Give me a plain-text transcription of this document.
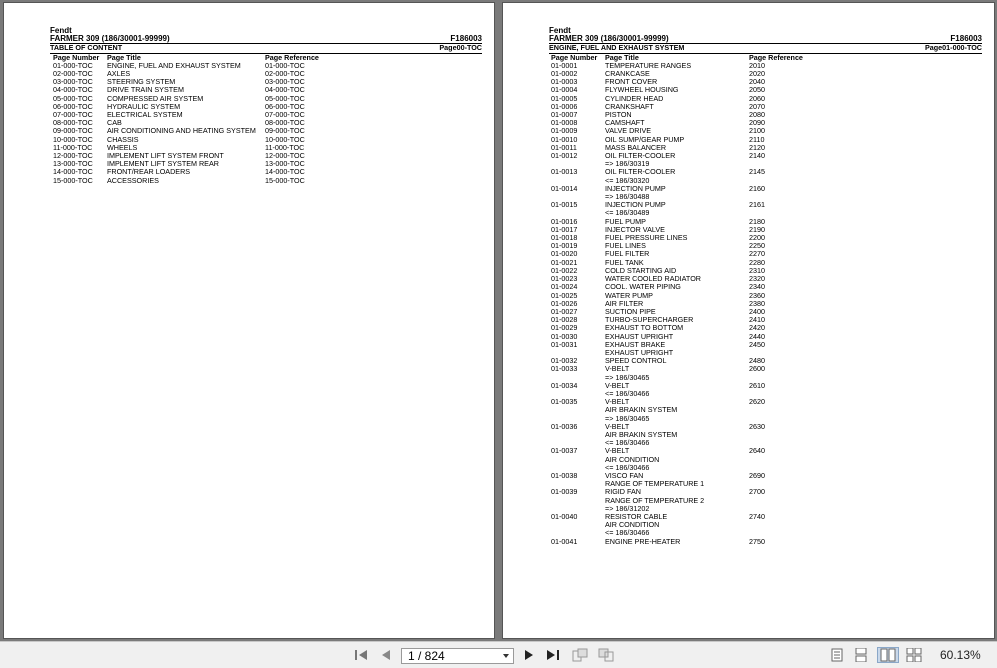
Fendt
FARMER 309 (186/30001-99999)	F186003
TABLE OF CONTENT	Page00-TOC
Page Number	Page Title	Page Reference
01-000-TOC	ENGINE, FUEL AND EXHAUST SYSTEM	01-000-TOC
02-000-TOC	AXLES	02-000-TOC
03-000-TOC	STEERING SYSTEM	03-000-TOC
04-000-TOC	DRIVE TRAIN SYSTEM	04-000-TOC
05-000-TOC	COMPRESSED AIR SYSTEM	05-000-TOC
06-000-TOC	HYDRAULIC SYSTEM	06-000-TOC
07-000-TOC	ELECTRICAL SYSTEM	07-000-TOC
08-000-TOC	CAB	08-000-TOC
09-000-TOC	AIR CONDITIONING AND HEATING SYSTEM	09-000-TOC
10-000-TOC	CHASSIS	10-000-TOC
11-000-TOC	WHEELS	11-000-TOC
12-000-TOC	IMPLEMENT LIFT SYSTEM FRONT	12-000-TOC
13-000-TOC	IMPLEMENT LIFT SYSTEM REAR	13-000-TOC
14-000-TOC	FRONT/REAR LOADERS	14-000-TOC
15-000-TOC	ACCESSORIES	15-000-TOC
Fendt
FARMER 309 (186/30001-99999)	F186003
ENGINE, FUEL AND EXHAUST SYSTEM	Page01-000-TOC
Page Number	Page Title	Page Reference
01-0001	TEMPERATURE RANGES	2010
01-0002	CRANKCASE	2020
01-0003	FRONT COVER	2040
01-0004	FLYWHEEL HOUSING	2050
01-0005	CYLINDER HEAD	2060
01-0006	CRANKSHAFT	2070
01-0007	PISTON	2080
01-0008	CAMSHAFT	2090
01-0009	VALVE DRIVE	2100
01-0010	OIL SUMP/GEAR PUMP	2110
01-0011	MASS BALANCER	2120
01-0012	OIL FILTER-COOLER	2140
	=> 186/30319	
01-0013	OIL FILTER-COOLER	2145
	<= 186/30320	
01-0014	INJECTION PUMP	2160
	=> 186/30488	
01-0015	INJECTION PUMP	2161
	<= 186/30489	
01-0016	FUEL PUMP	2180
01-0017	INJECTOR VALVE	2190
01-0018	FUEL PRESSURE LINES	2200
01-0019	FUEL LINES	2250
01-0020	FUEL FILTER	2270
01-0021	FUEL TANK	2280
01-0022	COLD STARTING AID	2310
01-0023	WATER COOLED RADIATOR	2320
01-0024	COOL. WATER PIPING	2340
01-0025	WATER PUMP	2360
01-0026	AIR FILTER	2380
01-0027	SUCTION PIPE	2400
01-0028	TURBO-SUPERCHARGER	2410
01-0029	EXHAUST TO BOTTOM	2420
01-0030	EXHAUST UPRIGHT	2440
01-0031	EXHAUST BRAKE	2450
	EXHAUST UPRIGHT	
01-0032	SPEED CONTROL	2480
01-0033	V-BELT	2600
	=> 186/30465	
01-0034	V-BELT	2610
	<= 186/30466	
01-0035	V-BELT	2620
	AIR BRAKIN SYSTEM	
	=> 186/30465	
01-0036	V-BELT	2630
	AIR BRAKIN SYSTEM	
	<= 186/30466	
01-0037	V-BELT	2640
	AIR CONDITION	
	<= 186/30466	
01-0038	VISCO FAN	2690
	RANGE OF TEMPERATURE 1	
01-0039	RIGID FAN	2700
	RANGE OF TEMPERATURE 2	
	=> 186/31202	
01-0040	RESISTOR CABLE	2740
	AIR CONDITION	
	<= 186/30466	
01-0041	ENGINE PRE-HEATER	2750
1 / 824	60.13%
